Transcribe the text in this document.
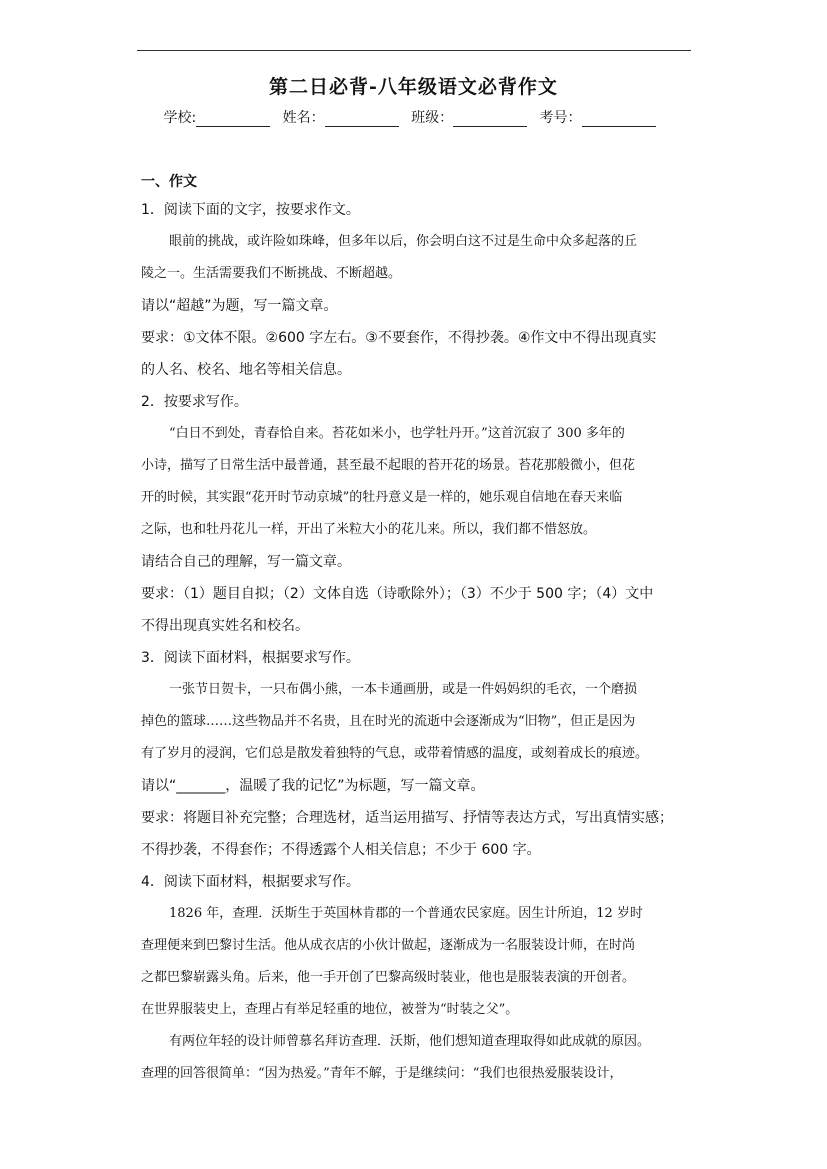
第二日必背-八年级语文必背作文
学校:	姓名：	班级：	考号：
一、作文
1．阅读下面的文字，按要求作文。
眼前的挑战，或许险如珠峰，但多年以后，你会明白这不过是生命中众多起落的丘
陵之一。生活需要我们不断挑战、不断超越。
请以“超越”为题，写一篇文章。
要求：①文体不限。②600 字左右。③不要套作，不得抄袭。④作文中不得出现真实
的人名、校名、地名等相关信息。
2．按要求写作。
“白日不到处，青春恰自来。苔花如米小，也学牡丹开。”这首沉寂了 300 多年的
小诗，描写了日常生活中最普通，甚至最不起眼的苔开花的场景。苔花那般微小，但花
开的时候，其实跟“花开时节动京城”的牡丹意义是一样的，她乐观自信地在春天来临
之际，也和牡丹花儿一样，开出了米粒大小的花儿来。所以，我们都不惜怒放。
请结合自己的理解，写一篇文章。
要求：（1）题目自拟；（2）文体自选（诗歌除外）；（3）不少于 500 字；（4）文中
不得出现真实姓名和校名。
3．阅读下面材料，根据要求写作。
一张节日贺卡，一只布偶小熊，一本卡通画册，或是一件妈妈织的毛衣，一个磨损
掉色的篮球……这些物品并不名贵，且在时光的流逝中会逐渐成为“旧物”，但正是因为
有了岁月的浸润，它们总是散发着独特的气息，或带着情感的温度，或刻着成长的痕迹。
请以“_______，温暖了我的记忆”为标题，写一篇文章。
要求：将题目补充完整；合理选材，适当运用描写、抒情等表达方式，写出真情实感；
不得抄袭，不得套作；不得透露个人相关信息；不少于 600 字。
4．阅读下面材料，根据要求写作。
1826 年，查理．沃斯生于英国林肯郡的一个普通农民家庭。因生计所迫，12 岁时
查理便来到巴黎讨生活。他从成衣店的小伙计做起，逐渐成为一名服装设计师，在时尚
之都巴黎崭露头角。后来，他一手开创了巴黎高级时装业，他也是服装表演的开创者。
在世界服装史上，查理占有举足轻重的地位，被誉为“时装之父”。
有两位年轻的设计师曾慕名拜访查理．沃斯，他们想知道查理取得如此成就的原因。
查理的回答很简单：“因为热爱。”青年不解，于是继续问：“我们也很热爱服装设计，
